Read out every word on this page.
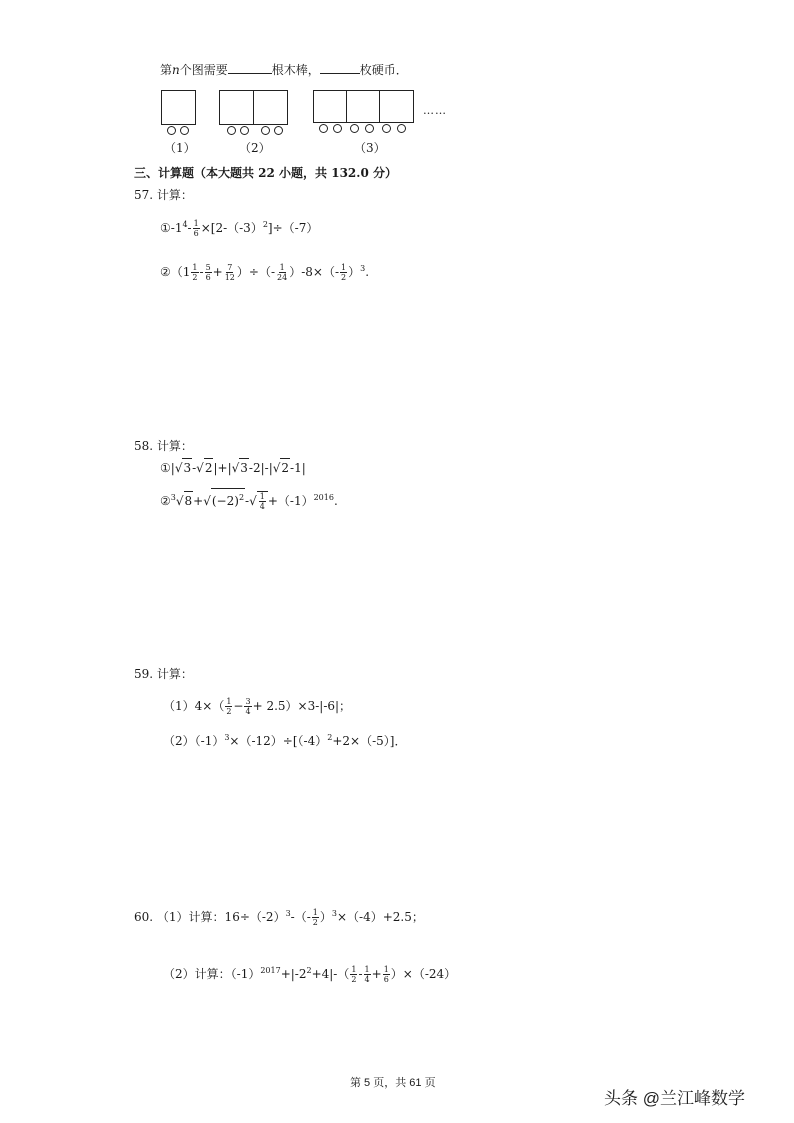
第n个图需要	根木棒，	枚硬币．
……
（1）	（2）	（3）
三、计算题（本大题共 22 小题，共 132.0 分）
57. 计算：
$①-1^4- \frac{1}{6} \times[2-(-3)^2]\div(-7)$
②（1 $\frac{1}{2} - \frac{5}{6} + \frac{7}{12}$ ）÷（- $\frac{1}{24} )-8\times(- \frac{1}{2} )^3$.
58. 计算：
①|√3-√2|+|√3-2|-|√2-1|
$②^3√8+√(-2)^2-√ \frac{1}{4} +(-1)^{2016}$.
59. 计算：
$(1)4\times( \frac{1}{2} - \frac{3}{4} + 2.5)\times 3-|-6|$；
$(2)(-1)^3\times(-12)\div[(-4)^2+2\times(-5)]$．
60. （1）计算：$16\div(-2)^3-(- \frac{1}{2} )^3\times(-4)+2.5$；
（2）计算：$(-1)^{2017}+|-2^2+4|-( \frac{1}{2} - \frac{1}{4} + \frac{1}{6} )\times(-24)$
第 5 页，共 61 页
头条 @兰江峰数学
